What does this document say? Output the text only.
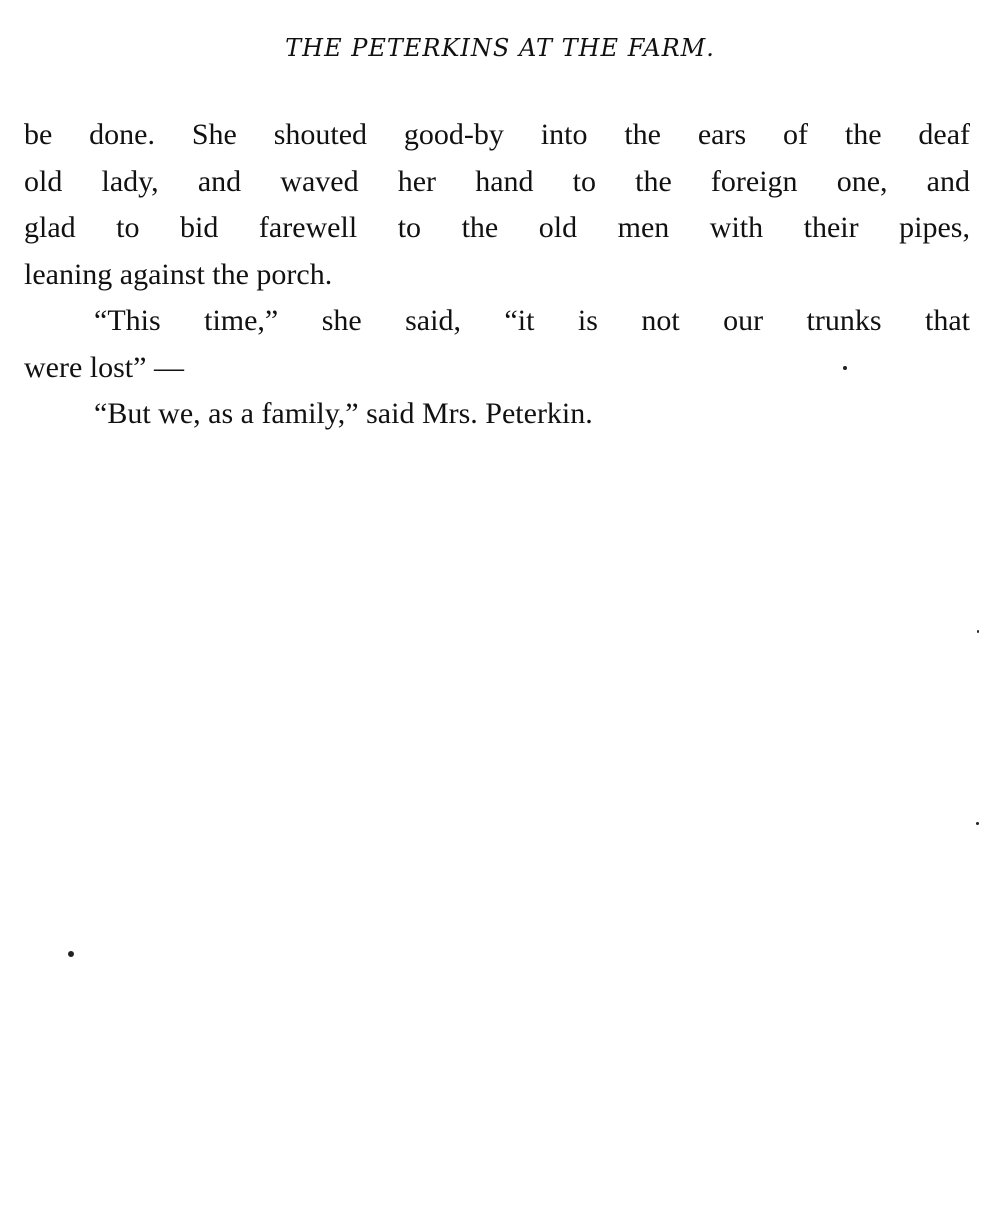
THE PETERKINS AT THE FARM.
be done. She shouted good-by into the ears of the deaf
old lady, and waved her hand to the foreign one, and
glad to bid farewell to the old men with their pipes,
leaning against the porch.
“This time,” she said, “it is not our trunks that
were lost” —
“But we, as a family,” said Mrs. Peterkin.
